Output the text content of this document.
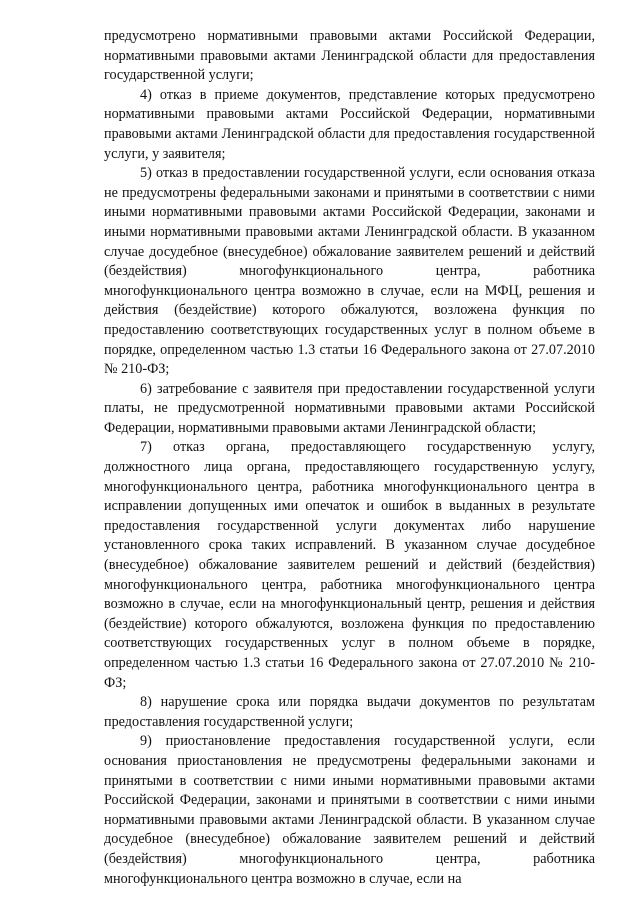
предусмотрено нормативными правовыми актами Российской Федерации, нормативными правовыми актами Ленинградской области для предоставления государственной услуги;

4) отказ в приеме документов, представление которых предусмотрено нормативными правовыми актами Российской Федерации, нормативными правовыми актами Ленинградской области для предоставления государственной услуги, у заявителя;

5) отказ в предоставлении государственной услуги, если основания отказа не предусмотрены федеральными законами и принятыми в соответствии с ними иными нормативными правовыми актами Российской Федерации, законами и иными нормативными правовыми актами Ленинградской области. В указанном случае досудебное (внесудебное) обжалование заявителем решений и действий (бездействия) многофункционального центра, работника многофункционального центра возможно в случае, если на МФЦ, решения и действия (бездействие) которого обжалуются, возложена функция по предоставлению соответствующих государственных услуг в полном объеме в порядке, определенном частью 1.3 статьи 16 Федерального закона от 27.07.2010 № 210-ФЗ;

6) затребование с заявителя при предоставлении государственной услуги платы, не предусмотренной нормативными правовыми актами Российской Федерации, нормативными правовыми актами Ленинградской области;

7) отказ органа, предоставляющего государственную услугу, должностного лица органа, предоставляющего государственную услугу, многофункционального центра, работника многофункционального центра в исправлении допущенных ими опечаток и ошибок в выданных в результате предоставления государственной услуги документах либо нарушение установленного срока таких исправлений. В указанном случае досудебное (внесудебное) обжалование заявителем решений и действий (бездействия) многофункционального центра, работника многофункционального центра возможно в случае, если на многофункциональный центр, решения и действия (бездействие) которого обжалуются, возложена функция по предоставлению соответствующих государственных услуг в полном объеме в порядке, определенном частью 1.3 статьи 16 Федерального закона от 27.07.2010 № 210-ФЗ;

8) нарушение срока или порядка выдачи документов по результатам предоставления государственной услуги;

9) приостановление предоставления государственной услуги, если основания приостановления не предусмотрены федеральными законами и принятыми в соответствии с ними иными нормативными правовыми актами Российской Федерации, законами и принятыми в соответствии с ними иными нормативными правовыми актами Ленинградской области. В указанном случае досудебное (внесудебное) обжалование заявителем решений и действий (бездействия) многофункционального центра, работника многофункционального центра возможно в случае, если на
